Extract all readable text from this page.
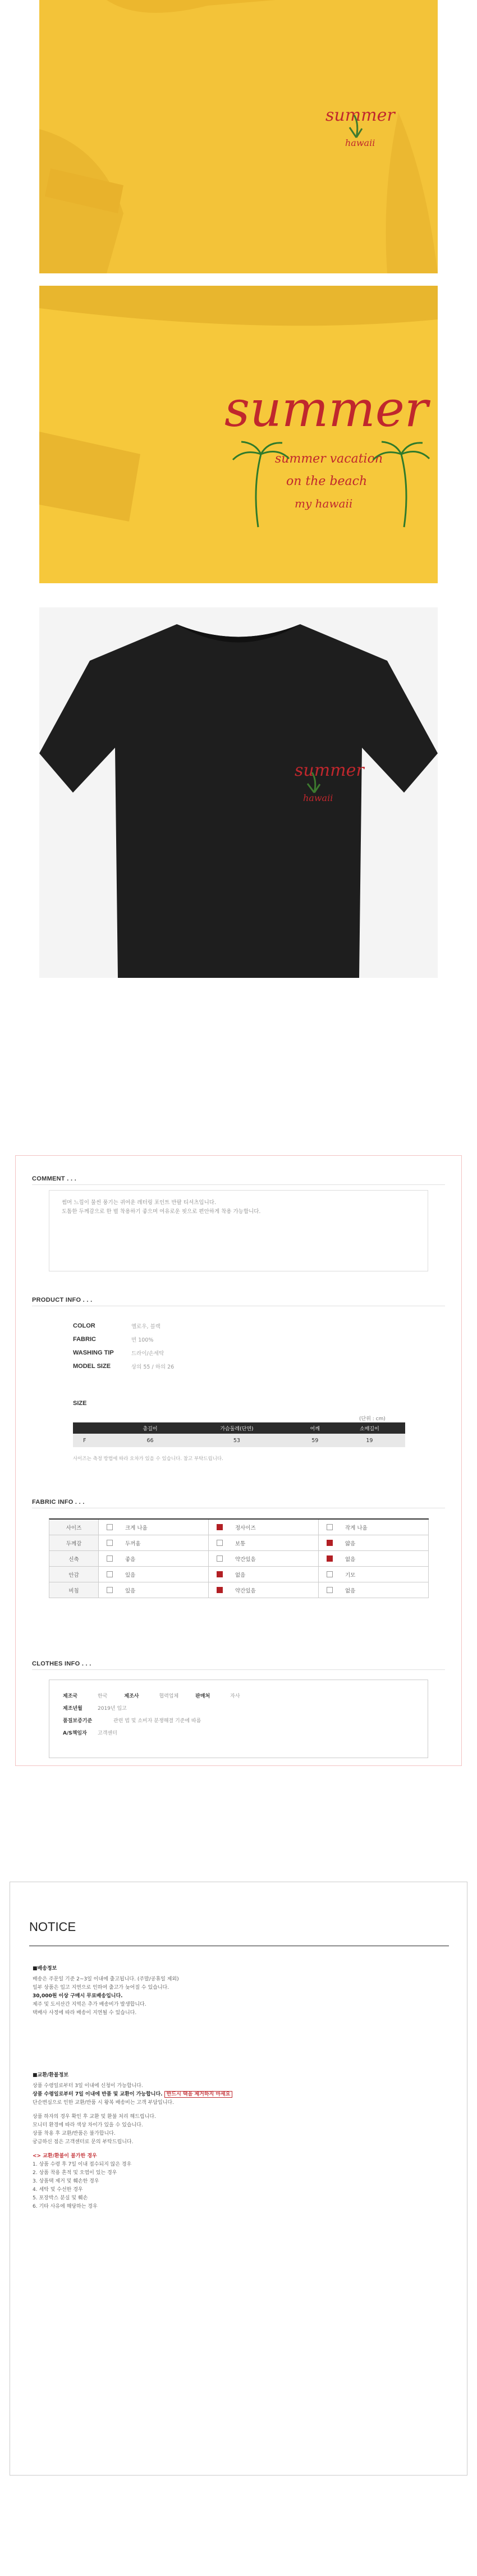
summer
hawaii
summer
summer vacation
on the beach
my hawaii
summer
hawaii
COMMENT . . .

썸머 느낌이 물씬 풍기는 귀여운 레터링 포인트 반팔 티셔츠입니다.

도톰한 두께감으로 한 벌 착용하기 좋으며 여유로운 핏으로 편안하게 착용 가능합니다.

PRODUCT INFO . . .
COLOR	옐로우, 블랙
FABRIC	면 100%
WASHING TIP	드라이/손세탁
MODEL SIZE	상의 55 / 하의 26
SIZE
(단위 : cm)
	총길이	가슴둘레(단면)	어깨	소매길이
F	66	53	59	19
사이즈는 측정 방법에 따라 오차가 있을 수 있습니다. 참고 부탁드립니다.
FABRIC INFO . . .
사이즈	크게 나옴	정사이즈	작게 나옴
두께감	두꺼움	보통	얇음
신축	좋음	약간있음	없음
안감	있음	없음	기모
비침	있음	약간있음	없음
CLOTHES INFO . . .
제조국	한국	제조사	협력업체	판매처	자사
제조년월	2019년 입고
품질보증기준	관련 법 및 소비자 분쟁해결 기준에 따름
A/S책임자	고객센터
NOTICE

■배송정보

배송은 주문일 기준 2~3일 이내에 출고됩니다. (주말/공휴일 제외)

일부 상품은 입고 지연으로 인하여 출고가 늦어질 수 있습니다.

30,000원 이상 구매시 무료배송입니다.

제주 및 도서산간 지역은 추가 배송비가 발생합니다.

택배사 사정에 따라 배송이 지연될 수 있습니다.

■교환/환불정보

상품 수령일로부터 3일 이내에 신청이 가능합니다.

상품 수령일로부터 7일 이내에 반품 및 교환이 가능합니다. 반드시 택을 제거하지 마세요

단순변심으로 인한 교환/반품 시 왕복 배송비는 고객 부담입니다.

상품 하자의 경우 확인 후 교환 및 환불 처리 해드립니다.

모니터 환경에 따라 색상 차이가 있을 수 있습니다.

상품 착용 후 교환/반품은 불가합니다.

궁금하신 점은 고객센터로 문의 부탁드립니다.

<> 교환/환불이 불가한 경우

1. 상품 수령 후 7일 이내 접수되지 않은 경우

2. 상품 착용 흔적 및 오염이 있는 경우

3. 상품택 제거 및 훼손한 경우

4. 세탁 및 수선한 경우

5. 포장박스 분실 및 훼손

6. 기타 사유에 해당하는 경우
